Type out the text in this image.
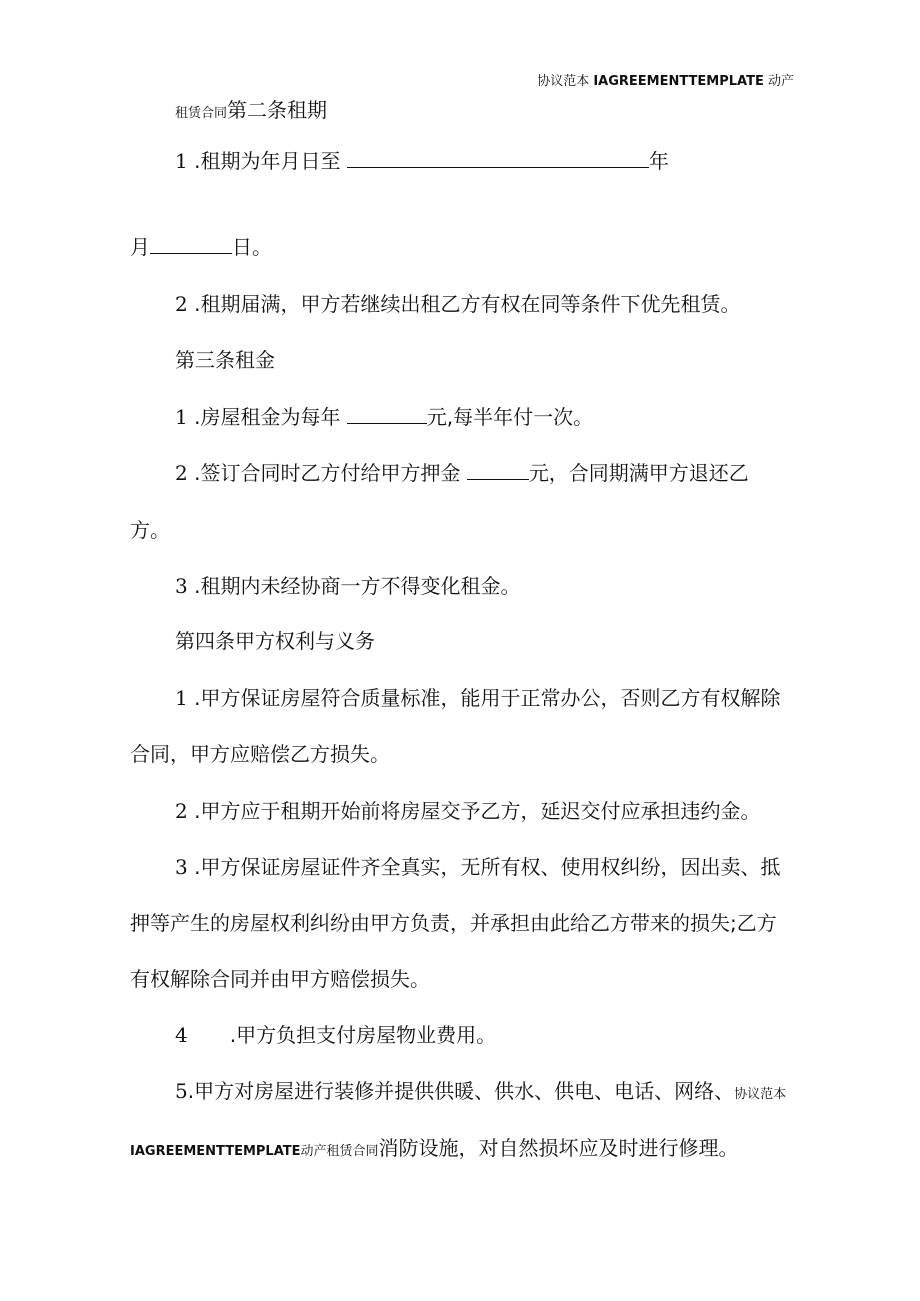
协议范本 IAGREEMENTTEMPLATE 动产
租赁合同第二条租期
1 .租期为年月日至	年
月	日。
2 .租期届满，甲方若继续出租乙方有权在同等条件下优先租赁。
第三条租金
1 .房屋租金为每年	元,每半年付一次。
2 .签订合同时乙方付给甲方押金	元，合同期满甲方退还乙
方。
3 .租期内未经协商一方不得变化租金。
第四条甲方权利与义务
1 .甲方保证房屋符合质量标准，能用于正常办公，否则乙方有权解除
合同，甲方应赔偿乙方损失。
2 .甲方应于租期开始前将房屋交予乙方，延迟交付应承担违约金。
3 .甲方保证房屋证件齐全真实，无所有权、使用权纠纷，因出卖、抵
押等产生的房屋权利纠纷由甲方负责，并承担由此给乙方带来的损失;乙方
有权解除合同并由甲方赔偿损失。
4 .甲方负担支付房屋物业费用。
5.甲方对房屋进行装修并提供供暖、供水、供电、电话、网络、协议范本
IAGREEMENTTEMPLATE动产租赁合同消防设施，对自然损坏应及时进行修理。
